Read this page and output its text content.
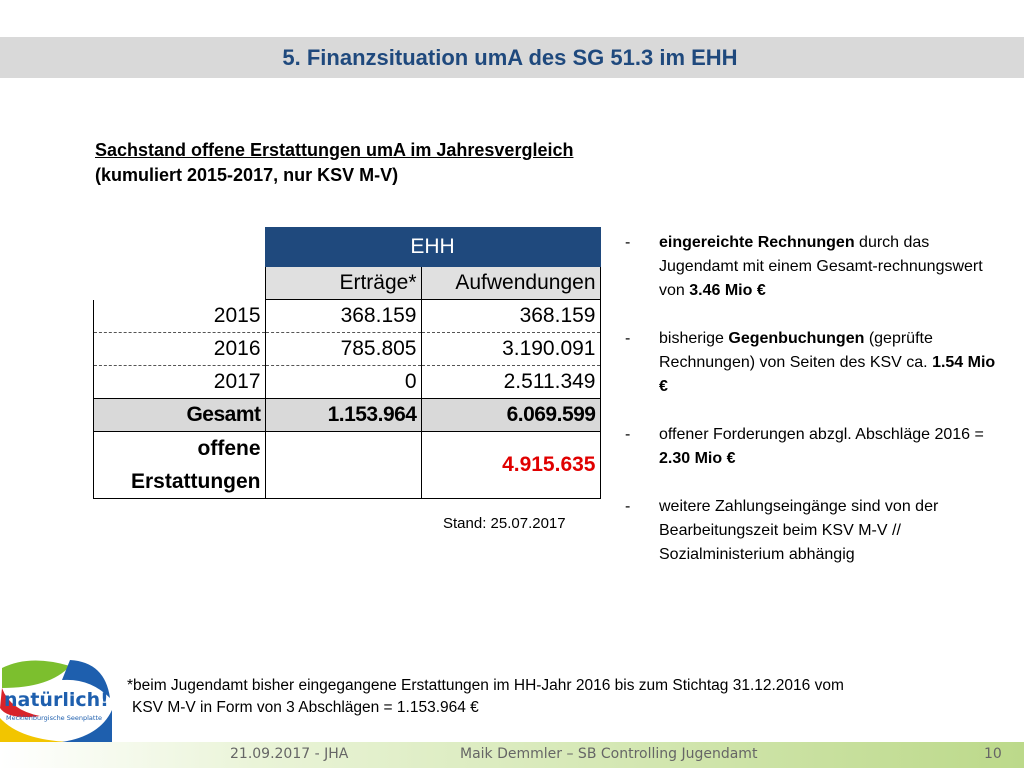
5. Finanzsituation umA des SG 51.3 im EHH
Sachstand offene Erstattungen umA im Jahresvergleich
(kumuliert 2015-2017, nur KSV M-V)
	EHH	
	Erträge*	Aufwendungen
2015	368.159	368.159
2016	785.805	3.190.091
2017	0	2.511.349
Gesamt	1.153.964	6.069.599

offene
Erstattungen		4.915.635
Stand: 25.07.2017
-	eingereichte Rechnungen durch das Jugendamt mit einem Gesamt-rechnungswert von 3.46 Mio €
-	bisherige Gegenbuchungen (geprüfte Rechnungen) von Seiten des KSV ca. 1.54 Mio €
-	offener Forderungen abzgl. Abschläge 2016 = 2.30 Mio €
-	weitere Zahlungseingänge sind von der Bearbeitungszeit beim KSV M-V // Sozialministerium abhängig
*beim Jugendamt bisher eingegangene Erstattungen im HH-Jahr 2016 bis zum Stichtag 31.12.2016 vom
KSV M-V in Form von 3 Abschlägen = 1.153.964 €
natürlich!
Mecklenburgische Seenplatte
21.09.2017 - JHA	Maik Demmler – SB Controlling Jugendamt	10
